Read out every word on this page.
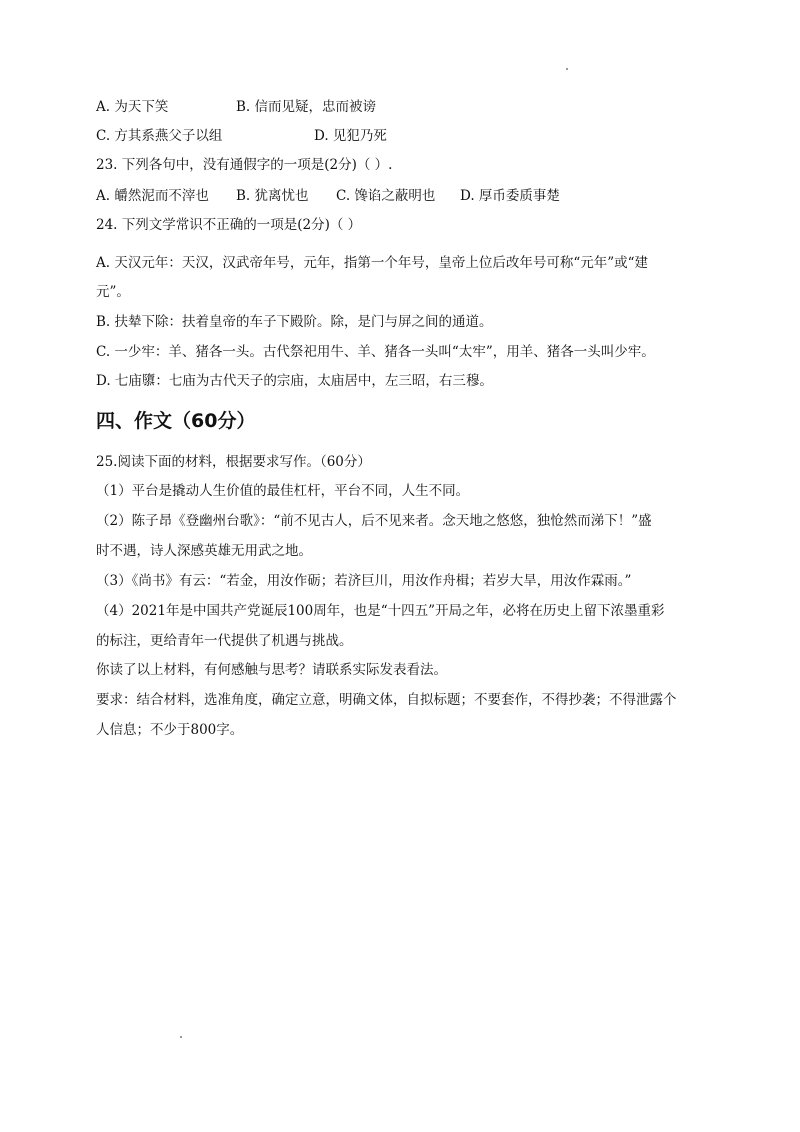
A. 为天下笑	B. 信而见疑，忠而被谤
C. 方其系燕父子以组	D. 见犯乃死
23. 下列各句中，没有通假字的一项是(2分)（ ）.
A. 皭然泥而不滓也 B. 犹离忧也 C. 馋谄之蔽明也 D. 厚币委质事楚
24. 下列文学常识不正确的一项是(2分)（ ）
A. 天汉元年：天汉，汉武帝年号，元年，指第一个年号，皇帝上位后改年号可称“元年”或“建
元”。
B. 扶辇下除：扶着皇帝的车子下殿阶。除，是门与屏之间的通道。
C. 一少牢：羊、猪各一头。古代祭祀用牛、羊、猪各一头叫“太牢”，用羊、猪各一头叫少牢。
D. 七庙隳：七庙为古代天子的宗庙，太庙居中，左三昭，右三穆。
四、作文（60分）
25.阅读下面的材料，根据要求写作。（60分）
（1）平台是撬动人生价值的最佳杠杆，平台不同，人生不同。
（2）陈子昂《登幽州台歌》：“前不见古人，后不见来者。念天地之悠悠，独怆然而涕下！”盛
时不遇，诗人深感英雄无用武之地。
（3）《尚书》有云：“若金，用汝作砺；若济巨川，用汝作舟楫；若岁大旱，用汝作霖雨。”
（4）2021年是中国共产党诞辰100周年，也是“十四五”开局之年，必将在历史上留下浓墨重彩
的标注，更给青年一代提供了机遇与挑战。
你读了以上材料，有何感触与思考？请联系实际发表看法。
要求：结合材料，选准角度，确定立意，明确文体，自拟标题；不要套作，不得抄袭；不得泄露个
人信息；不少于800字。
